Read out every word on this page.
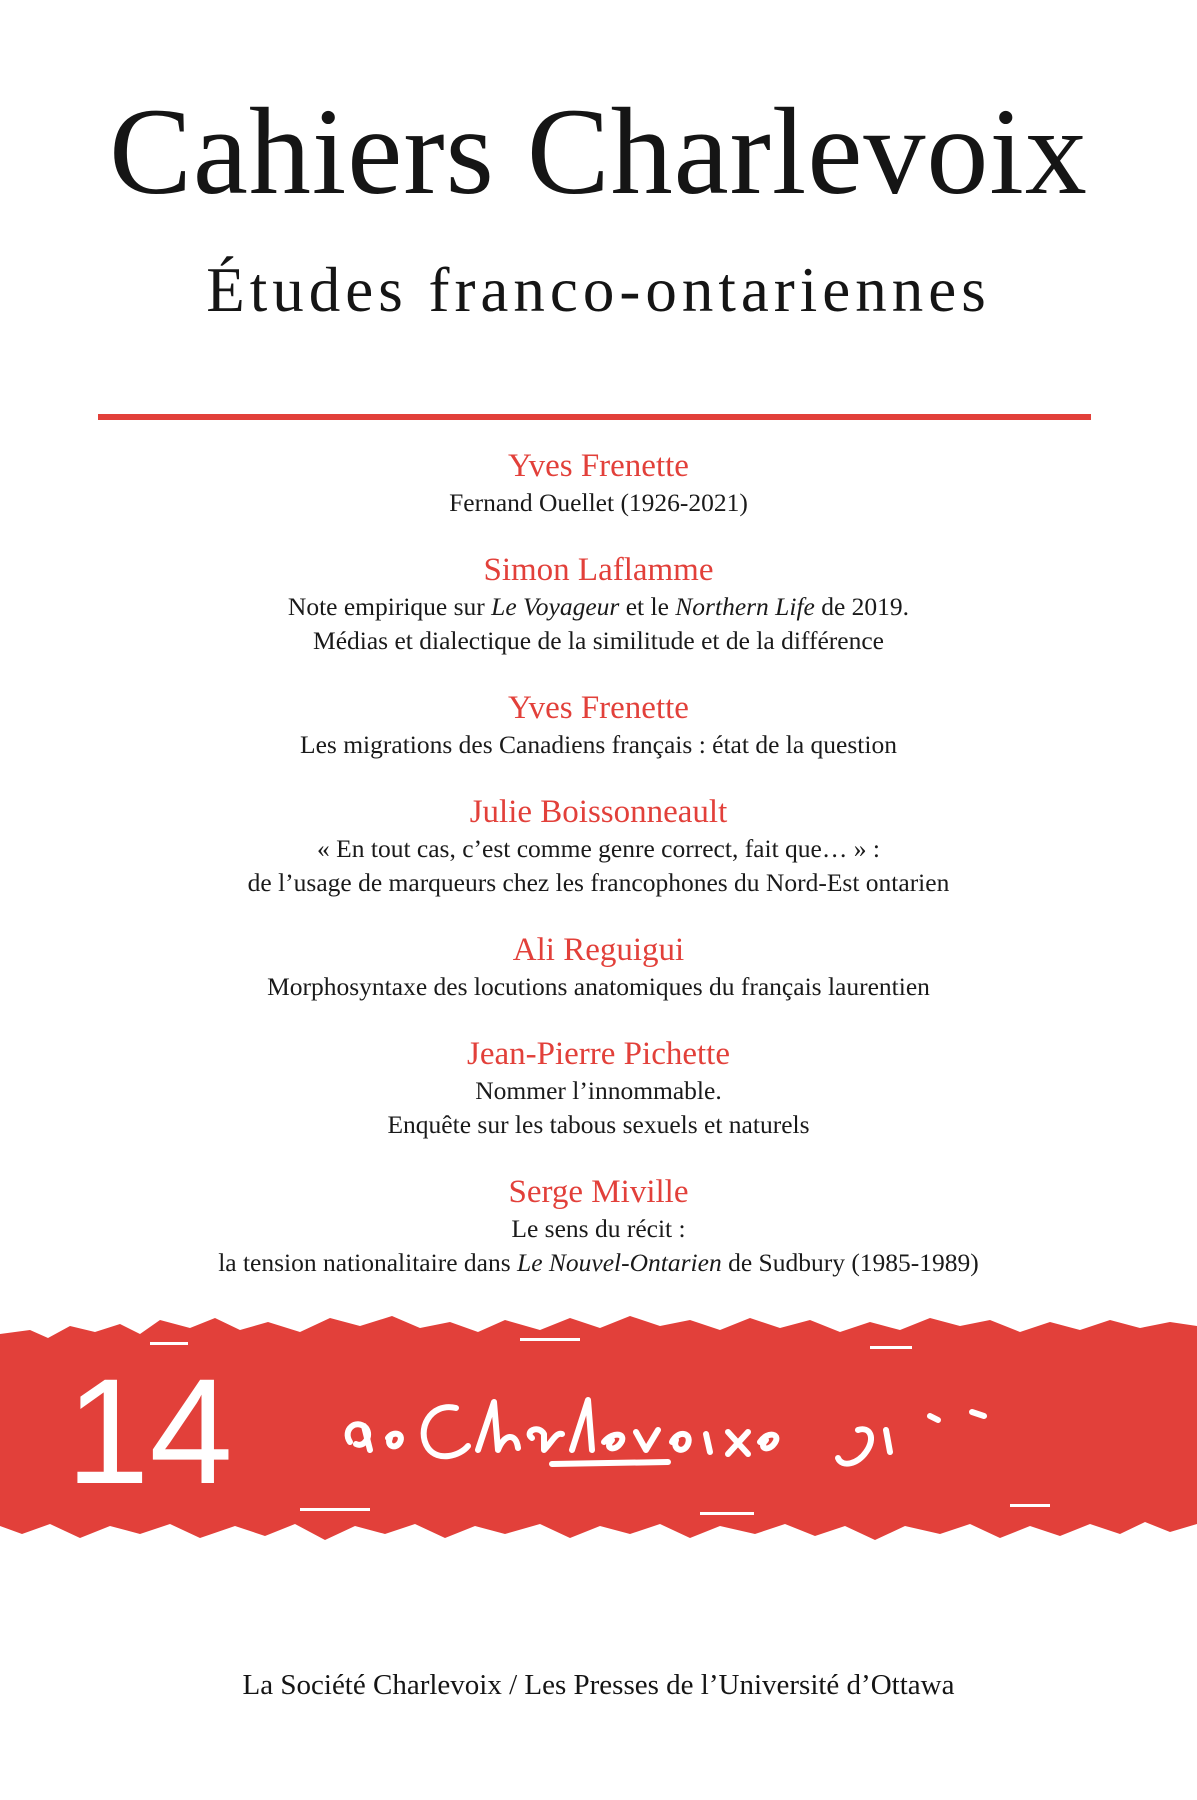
Cahiers Charlevoix
Études franco-ontariennes
Yves Frenette
Fernand Ouellet (1926-2021)
Simon Laflamme
Note empirique sur Le Voyageur et le Northern Life de 2019.
Médias et dialectique de la similitude et de la différence
Yves Frenette
Les migrations des Canadiens français : état de la question
Julie Boissonneault
« En tout cas, c’est comme genre correct, fait que… » :
de l’usage de marqueurs chez les francophones du Nord-Est ontarien
Ali Reguigui
Morphosyntaxe des locutions anatomiques du français laurentien
Jean-Pierre Pichette
Nommer l’innommable.
Enquête sur les tabous sexuels et naturels
Serge Miville
Le sens du récit :
la tension nationalitaire dans Le Nouvel-Ontarien de Sudbury (1985-1989)
14
La Société Charlevoix / Les Presses de l’Université d’Ottawa
